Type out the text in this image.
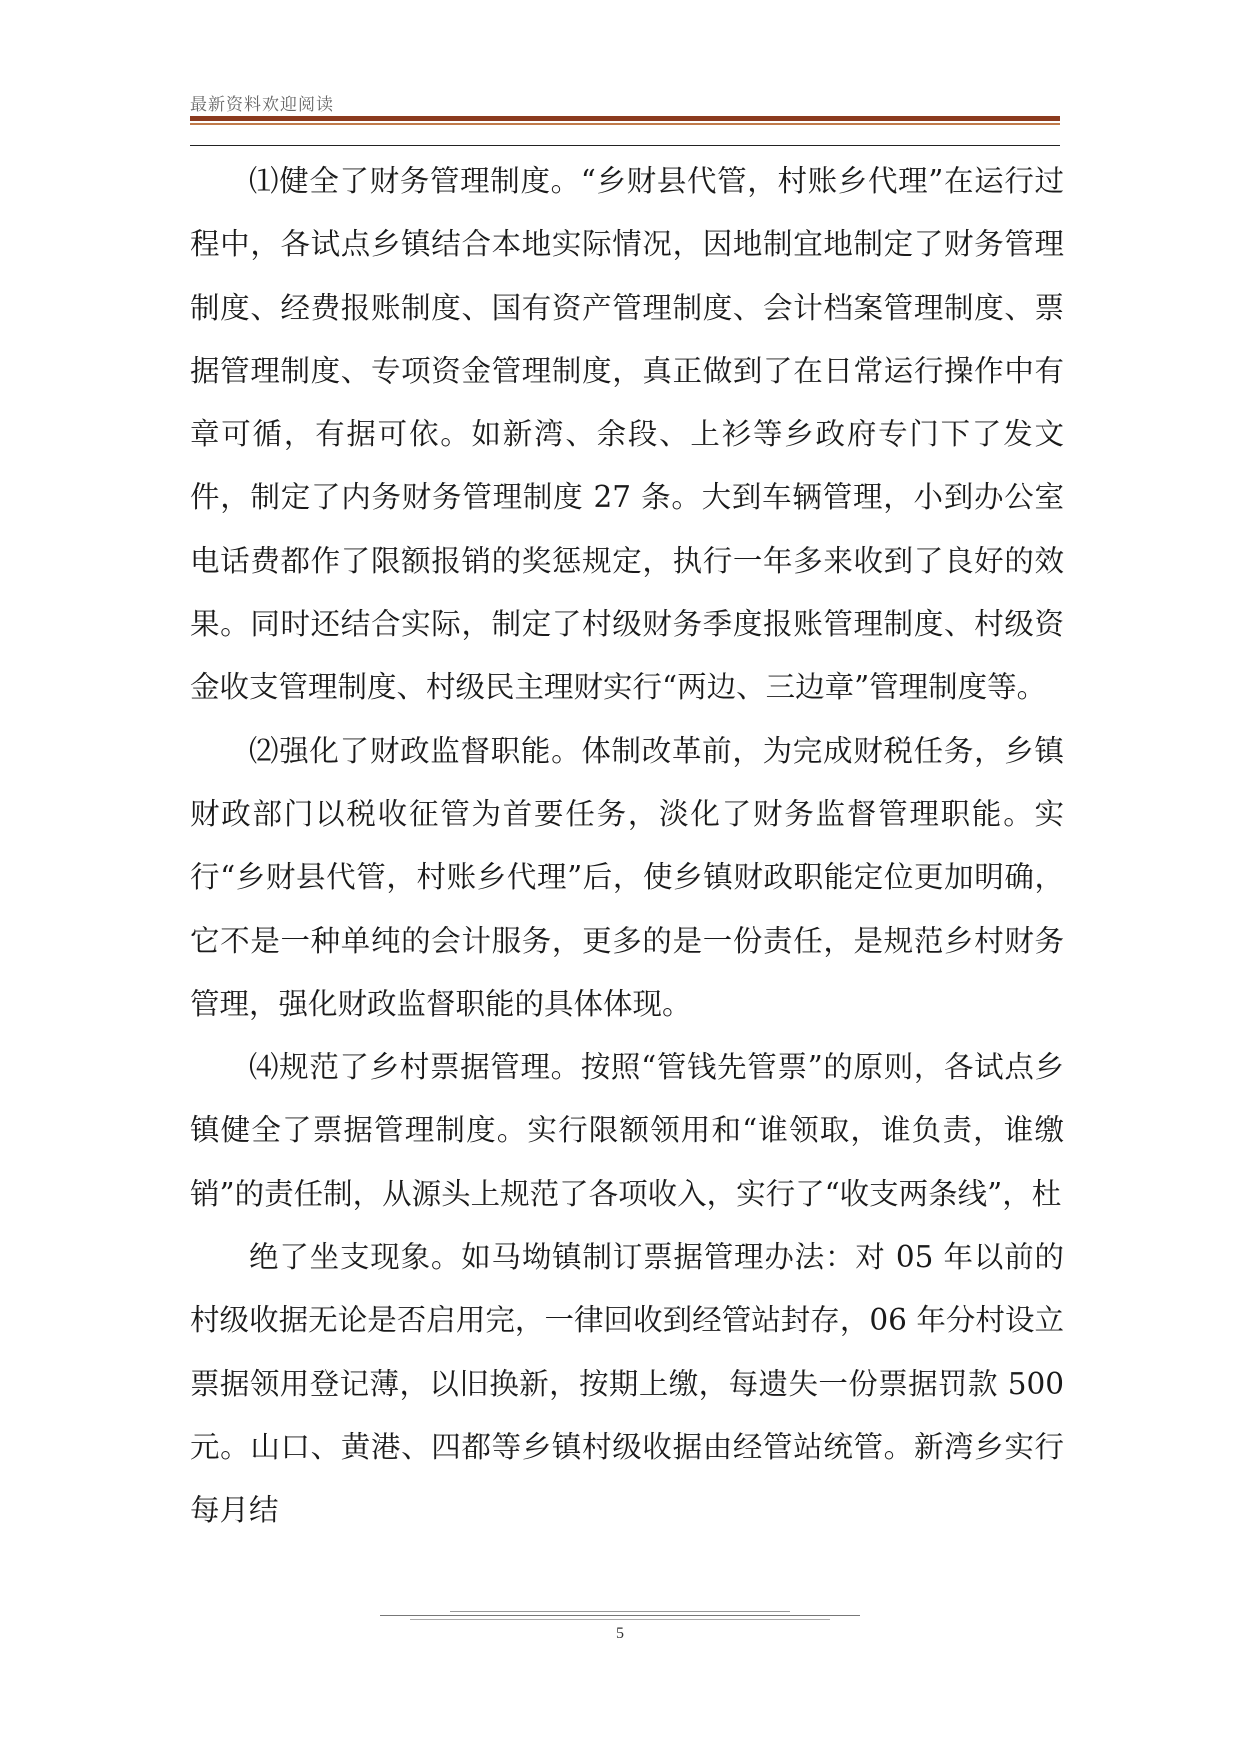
最新资料欢迎阅读

⑴健全了财务管理制度。“乡财县代管，村账乡代理”在运行过程中，各试点乡镇结合本地实际情况，因地制宜地制定了财务管理制度、经费报账制度、国有资产管理制度、会计档案管理制度、票据管理制度、专项资金管理制度，真正做到了在日常运行操作中有章可循，有据可依。如新湾、余段、上衫等乡政府专门下了发文件，制定了内务财务管理制度 27 条。大到车辆管理，小到办公室电话费都作了限额报销的奖惩规定，执行一年多来收到了良好的效果。同时还结合实际，制定了村级财务季度报账管理制度、村级资金收支管理制度、村级民主理财实行“两边、三边章”管理制度等。

⑵强化了财政监督职能。体制改革前，为完成财税任务，乡镇财政部门以税收征管为首要任务，淡化了财务监督管理职能。实行“乡财县代管，村账乡代理”后，使乡镇财政职能定位更加明确，它不是一种单纯的会计服务，更多的是一份责任，是规范乡村财务管理，强化财政监督职能的具体体现。

⑷规范了乡村票据管理。按照“管钱先管票”的原则，各试点乡镇健全了票据管理制度。实行限额领用和“谁领取，谁负责，谁缴销”的责任制，从源头上规范了各项收入，实行了“收支两条线”，杜

绝了坐支现象。如马坳镇制订票据管理办法：对 05 年以前的村级收据无论是否启用完，一律回收到经管站封存，06 年分村设立票据领用登记薄，以旧换新，按期上缴，每遗失一份票据罚款 500 元。山口、黄港、四都等乡镇村级收据由经管站统管。新湾乡实行每月结

5
